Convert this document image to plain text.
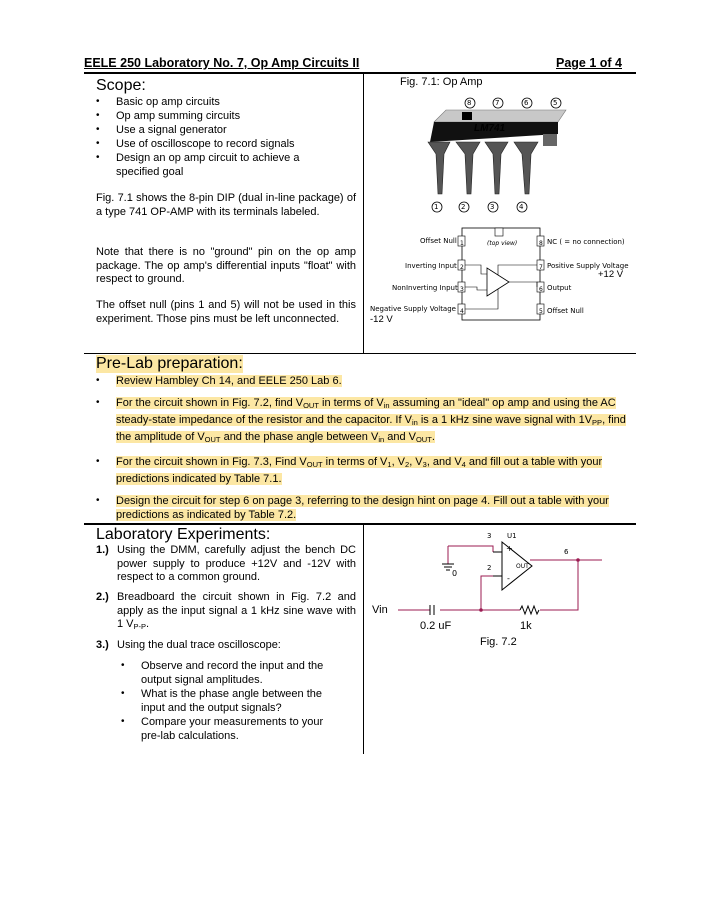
EELE 250 Laboratory No. 7, Op Amp Circuits II	Page 1 of 4
Scope:
• Basic op amp circuits
• Op amp summing circuits
• Use a signal generator
• Use of oscilloscope to record signals
• Design an op amp circuit to achieve a specified goal
Fig. 7.1 shows the 8-pin DIP (dual in-line package) of a type 741 OP-AMP with its terminals labeled.
Note that there is no "ground" pin on the op amp package. The op amp's differential inputs "float" with respect to ground.
The offset null (pins 1 and 5) will not be used in this experiment. Those pins must be left unconnected.
Fig. 7.1: Op Amp
LM741
8	7	6	5
1	2	3	4
1
2
3
4
8
7
6
5
(top view)
Offset Null
Inverting Input
NonInverting Input
Negative Supply Voltage
-12 V
NC ( = no connection)
Positive Supply Voltage
+12 V
Output
Offset Null
Pre-Lab preparation:
• Review Hambley Ch 14, and EELE 250 Lab 6.
• For the circuit shown in Fig. 7.2, find $V_{OUT}$ in terms of $V_{in}$ assuming an "ideal" op amp and using the AC steady-state impedance of the resistor and the capacitor. If $V_{in}$ is a 1 kHz sine wave signal with $1V_{PP}$, find the amplitude of $V_{OUT}$ and the phase angle between $V_{in}$ and $V_{OUT}$.
• For the circuit shown in Fig. 7.3, Find $V_{OUT}$ in terms of $V_1$, $V_2$, $V_3$, and $V_4$ and fill out a table with your predictions indicated by Table 7.1.
• Design the circuit for step 6 on page 3, referring to the design hint on page 4. Fill out a table with your predictions as indicated by Table 7.2.
Laboratory Experiments:
1.) Using the DMM, carefully adjust the bench DC power supply to produce +12V and -12V with respect to a common ground.
2.) Breadboard the circuit shown in Fig. 7.2 and apply as the input signal a 1 kHz sine wave with 1 $V_{P-P}$.
3.) Using the dual trace oscilloscope:
• Observe and record the input and the output signal amplitudes.
• What is the phase angle between the input and the output signals?
• Compare your measurements to your pre-lab calculations.
3 U1
+
2
-
OUT
6
0
Vin
0.2 uF	1k
Fig. 7.2
